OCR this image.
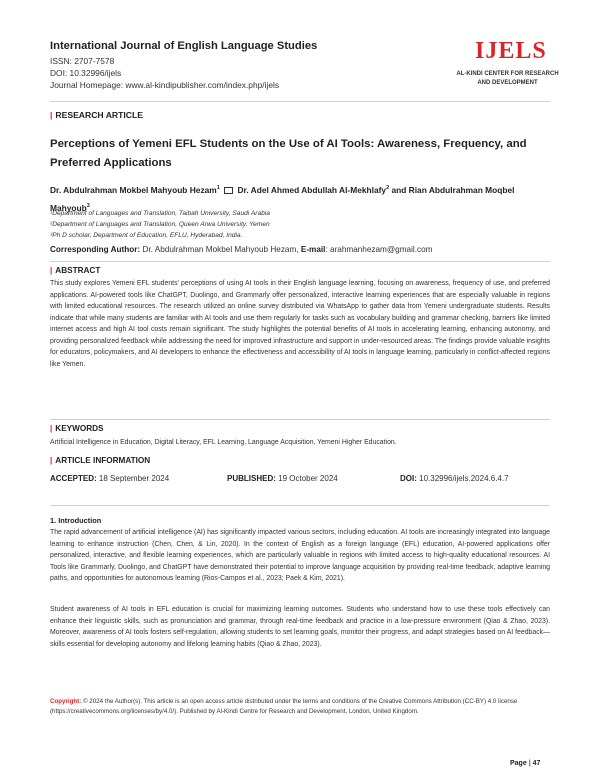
International Journal of English Language Studies
ISSN: 2707-7578
DOI: 10.32996/ijels
Journal Homepage: www.al-kindipublisher.com/index.php/ijels
IJELS
AL-KINDI CENTER FOR RESEARCH AND DEVELOPMENT
| RESEARCH ARTICLE
Perceptions of Yemeni EFL Students on the Use of AI Tools: Awareness, Frequency, and Preferred Applications
Dr. Abdulrahman Mokbel Mahyoub Hezam$^1$ Dr. Adel Ahmed Abdullah Al-Mekhlafy$^2$ and Rian Abdulrahman Moqbel Mahyoub$^3$
¹Department of Languages and Translation, Taibah University, Saudi Arabia
²Department of Languages and Translation, Queen Arwa University, Yemen
³Ph D scholar, Department of Education, EFLU, Hyderabad, India.
Corresponding Author: Dr. Abdulrahman Mokbel Mahyoub Hezam, E-mail: arahmanhezam@gmail.com
| ABSTRACT
This study explores Yemeni EFL students' perceptions of using AI tools in their English language learning, focusing on awareness, frequency of use, and preferred applications. AI-powered tools like ChatGPT, Duolingo, and Grammarly offer personalized, interactive learning experiences that are especially valuable in regions with limited educational resources. The research utilized an online survey distributed via WhatsApp to gather data from Yemeni undergraduate students. Results indicate that while many students are familiar with AI tools and use them regularly for tasks such as vocabulary building and grammar checking, barriers like limited internet access and high AI tool costs remain significant. The study highlights the potential benefits of AI tools in accelerating learning, enhancing autonomy, and providing personalized feedback while addressing the need for improved infrastructure and support in under-resourced areas. The findings provide valuable insights for educators, policymakers, and AI developers to enhance the effectiveness and accessibility of AI tools in language learning, particularly in conflict-affected regions like Yemen.
| KEYWORDS
Artificial Intelligence in Education, Digital Literacy, EFL Learning, Language Acquisition, Yemeni Higher Education.
| ARTICLE INFORMATION
ACCEPTED: 18 September 2024	PUBLISHED: 19 October 2024	DOI: 10.32996/ijels.2024.6.4.7
1. Introduction
The rapid advancement of artificial intelligence (AI) has significantly impacted various sectors, including education. AI tools are increasingly integrated into language learning to enhance instruction (Chen, Chen, & Lin, 2020). In the context of English as a foreign language (EFL) education, AI-powered applications offer personalized, interactive, and flexible learning experiences, which are particularly valuable in regions with limited access to high-quality educational resources. AI Tools like Grammarly, Duolingo, and ChatGPT have demonstrated their potential to improve language acquisition by providing real-time feedback, adaptive learning paths, and opportunities for autonomous learning (Rios-Campos et al., 2023; Paek & Kim, 2021).
Student awareness of AI tools in EFL education is crucial for maximizing learning outcomes. Students who understand how to use these tools effectively can enhance their linguistic skills, such as pronunciation and grammar, through real-time feedback and practice in a low-pressure environment (Qiao & Zhao, 2023). Moreover, awareness of AI tools fosters self-regulation, allowing students to set learning goals, monitor their progress, and adapt strategies based on AI feedback—skills essential for developing autonomy and lifelong learning habits (Qiao & Zhao, 2023).
Copyright: © 2024 the Author(s). This article is an open access article distributed under the terms and conditions of the Creative Commons Attribution (CC-BY) 4.0 license (https://creativecommons.org/licenses/by/4.0/). Published by Al-Kindi Centre for Research and Development, London, United Kingdom.
Page | 47
